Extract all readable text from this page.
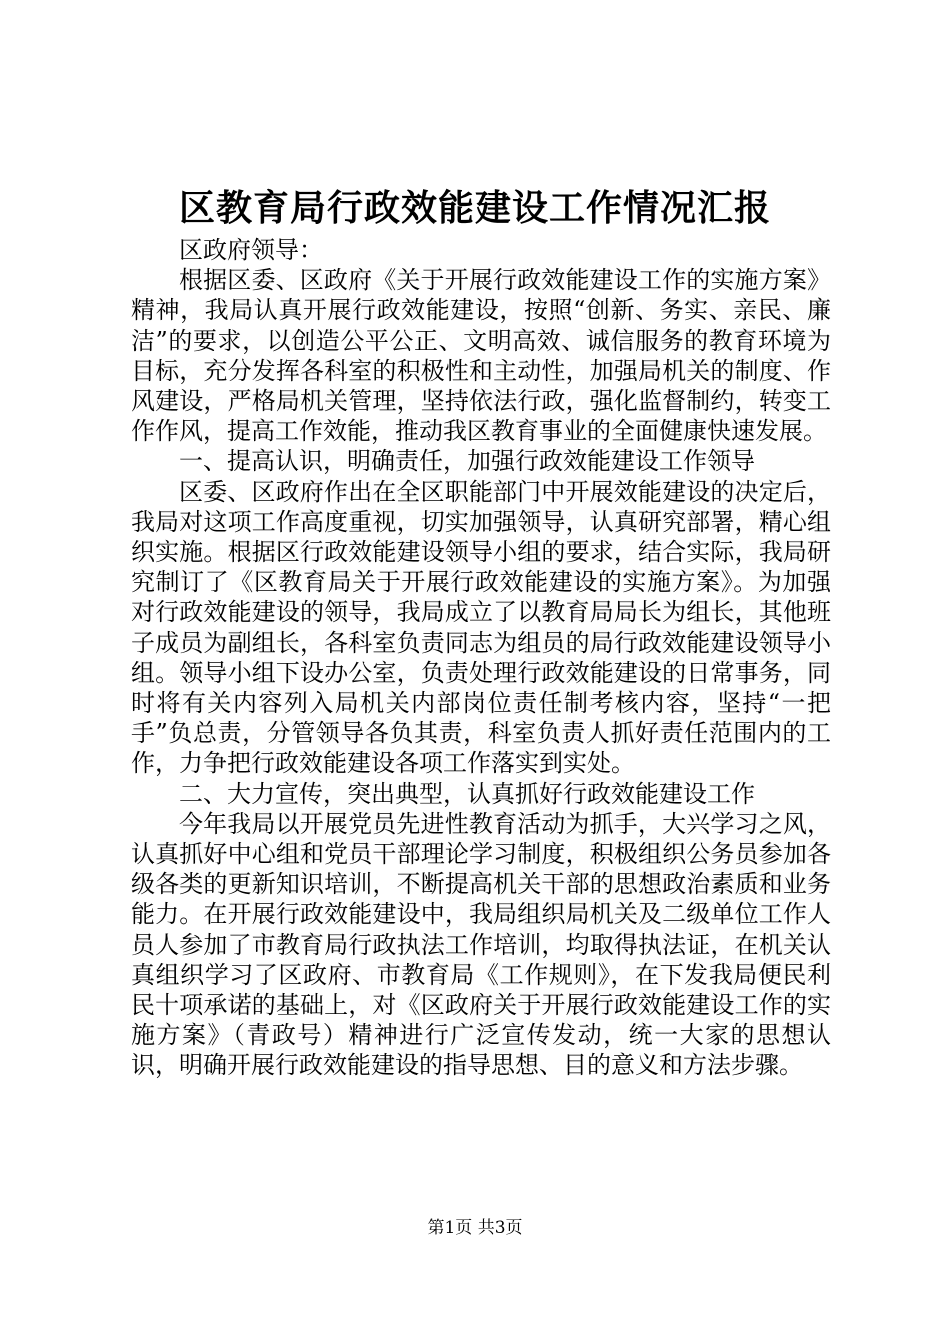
区教育局行政效能建设工作情况汇报

区政府领导：

根据区委、区政府《关于开展行政效能建设工作的实施方案》精神，我局认真开展行政效能建设，按照“创新、务实、亲民、廉洁”的要求，以创造公平公正、文明高效、诚信服务的教育环境为目标，充分发挥各科室的积极性和主动性，加强局机关的制度、作风建设，严格局机关管理，坚持依法行政，强化监督制约，转变工作作风，提高工作效能，推动我区教育事业的全面健康快速发展。

一、提高认识，明确责任，加强行政效能建设工作领导

区委、区政府作出在全区职能部门中开展效能建设的决定后，我局对这项工作高度重视，切实加强领导，认真研究部署，精心组织实施。根据区行政效能建设领导小组的要求，结合实际，我局研究制订了《区教育局关于开展行政效能建设的实施方案》。为加强对行政效能建设的领导，我局成立了以教育局局长为组长，其他班子成员为副组长，各科室负责同志为组员的局行政效能建设领导小组。领导小组下设办公室，负责处理行政效能建设的日常事务，同时将有关内容列入局机关内部岗位责任制考核内容，坚持“一把手”负总责，分管领导各负其责，科室负责人抓好责任范围内的工作，力争把行政效能建设各项工作落实到实处。

二、大力宣传，突出典型，认真抓好行政效能建设工作

今年我局以开展党员先进性教育活动为抓手，大兴学习之风，认真抓好中心组和党员干部理论学习制度，积极组织公务员参加各级各类的更新知识培训，不断提高机关干部的思想政治素质和业务能力。在开展行政效能建设中，我局组织局机关及二级单位工作人员人参加了市教育局行政执法工作培训，均取得执法证，在机关认真组织学习了区政府、市教育局《工作规则》，在下发我局便民利民十项承诺的基础上，对《区政府关于开展行政效能建设工作的实施方案》（青政号）精神进行广泛宣传发动，统一大家的思想认识，明确开展行政效能建设的指导思想、目的意义和方法步骤。

第1页 共3页
